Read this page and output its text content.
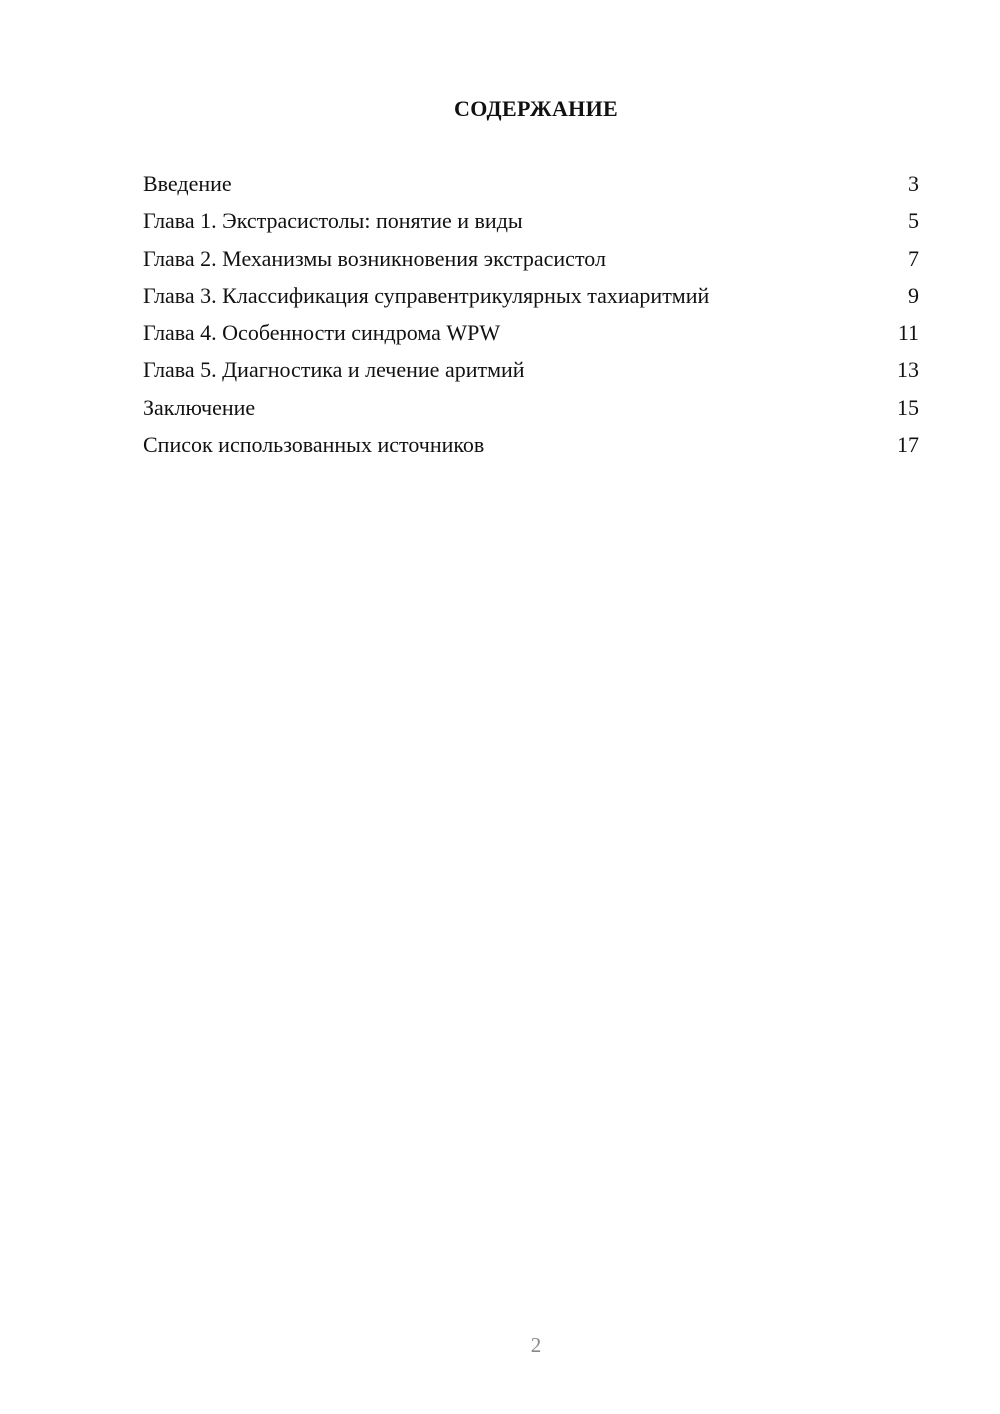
СОДЕРЖАНИЕ
Введение	3
Глава 1. Экстрасистолы: понятие и виды	5
Глава 2. Механизмы возникновения экстрасистол	7
Глава 3. Классификация суправентрикулярных тахиаритмий	9
Глава 4. Особенности синдрома WPW	11
Глава 5. Диагностика и лечение аритмий	13
Заключение	15
Список использованных источников	17
2
